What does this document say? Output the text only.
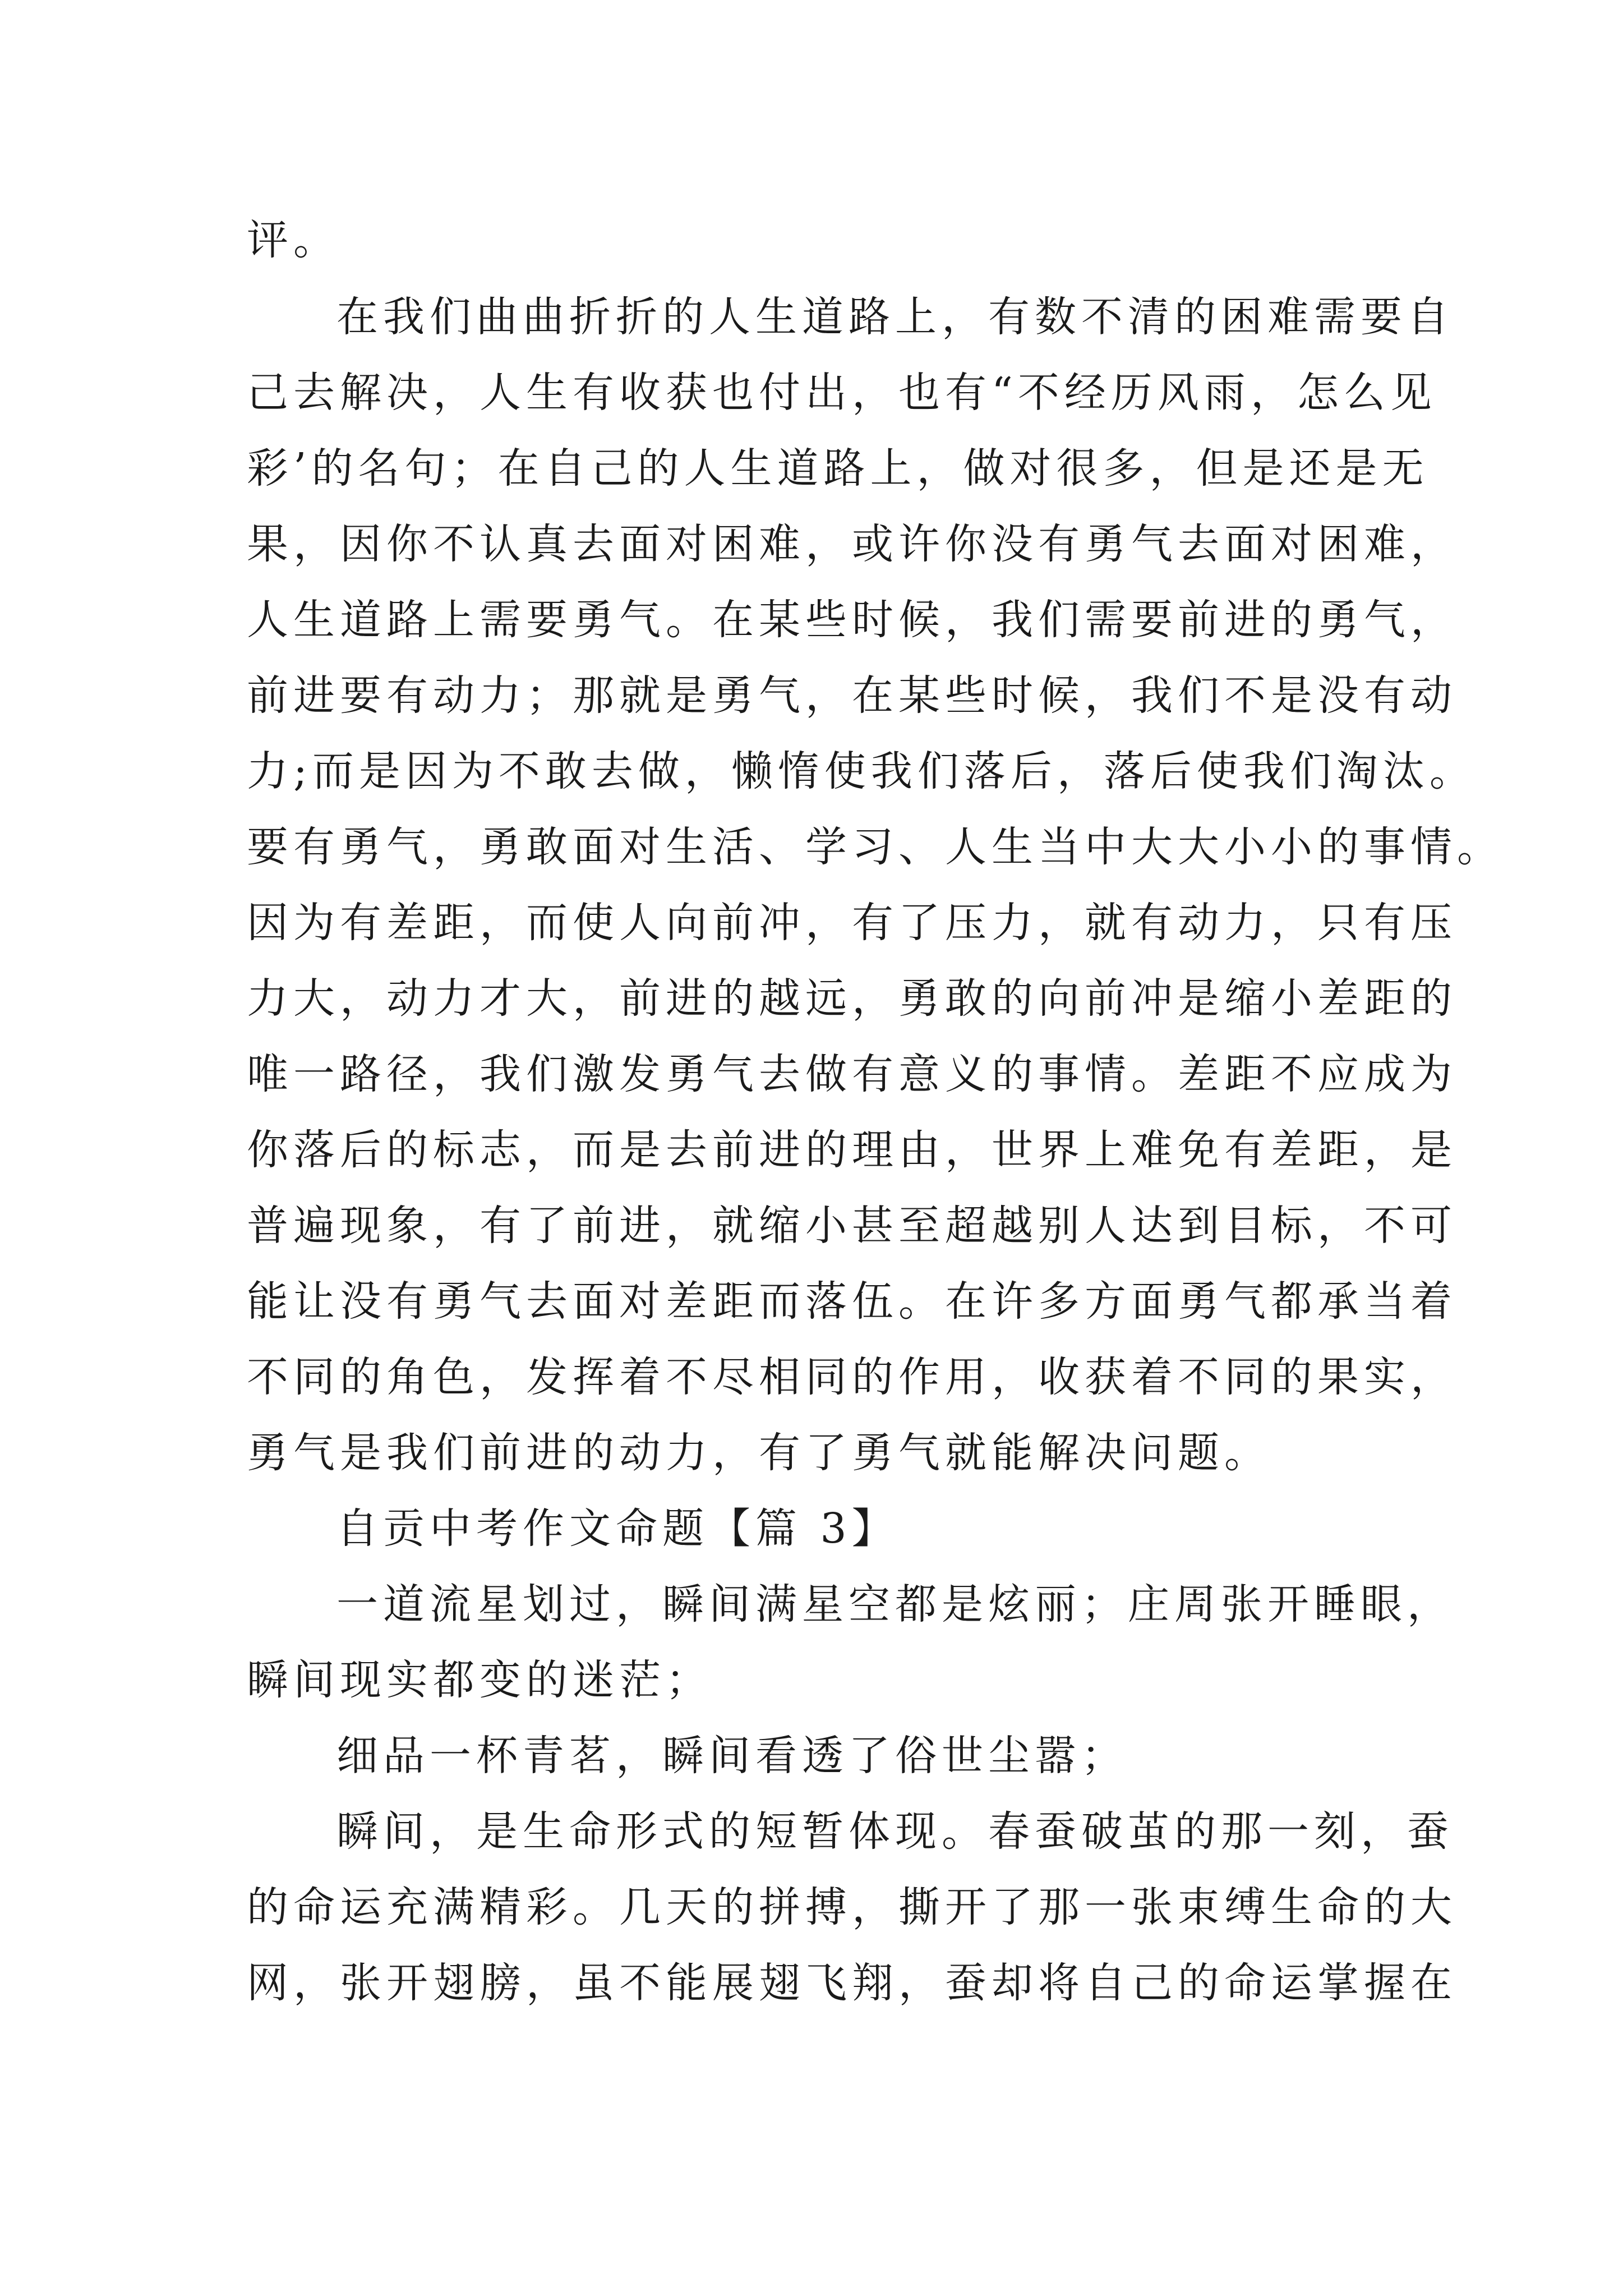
评。
在我们曲曲折折的人生道路上，有数不清的困难需要自
己去解决，人生有收获也付出，也有“不经历风雨，怎么见
彩’的名句；在自己的人生道路上，做对很多，但是还是无
果，因你不认真去面对困难，或许你没有勇气去面对困难，
人生道路上需要勇气。在某些时候，我们需要前进的勇气，
前进要有动力；那就是勇气，在某些时候，我们不是没有动
力;而是因为不敢去做，懒惰使我们落后，落后使我们淘汰。
要有勇气，勇敢面对生活、学习、人生当中大大小小的事情。
因为有差距，而使人向前冲，有了压力，就有动力，只有压
力大，动力才大，前进的越远，勇敢的向前冲是缩小差距的
唯一路径，我们激发勇气去做有意义的事情。差距不应成为
你落后的标志，而是去前进的理由，世界上难免有差距，是
普遍现象，有了前进，就缩小甚至超越别人达到目标，不可
能让没有勇气去面对差距而落伍。在许多方面勇气都承当着
不同的角色，发挥着不尽相同的作用，收获着不同的果实，
勇气是我们前进的动力，有了勇气就能解决问题。
自贡中考作文命题【篇 3】
一道流星划过，瞬间满星空都是炫丽；庄周张开睡眼，
瞬间现实都变的迷茫；
细品一杯青茗，瞬间看透了俗世尘嚣；
瞬间，是生命形式的短暂体现。春蚕破茧的那一刻，蚕
的命运充满精彩。几天的拼搏，撕开了那一张束缚生命的大
网，张开翅膀，虽不能展翅飞翔，蚕却将自己的命运掌握在
